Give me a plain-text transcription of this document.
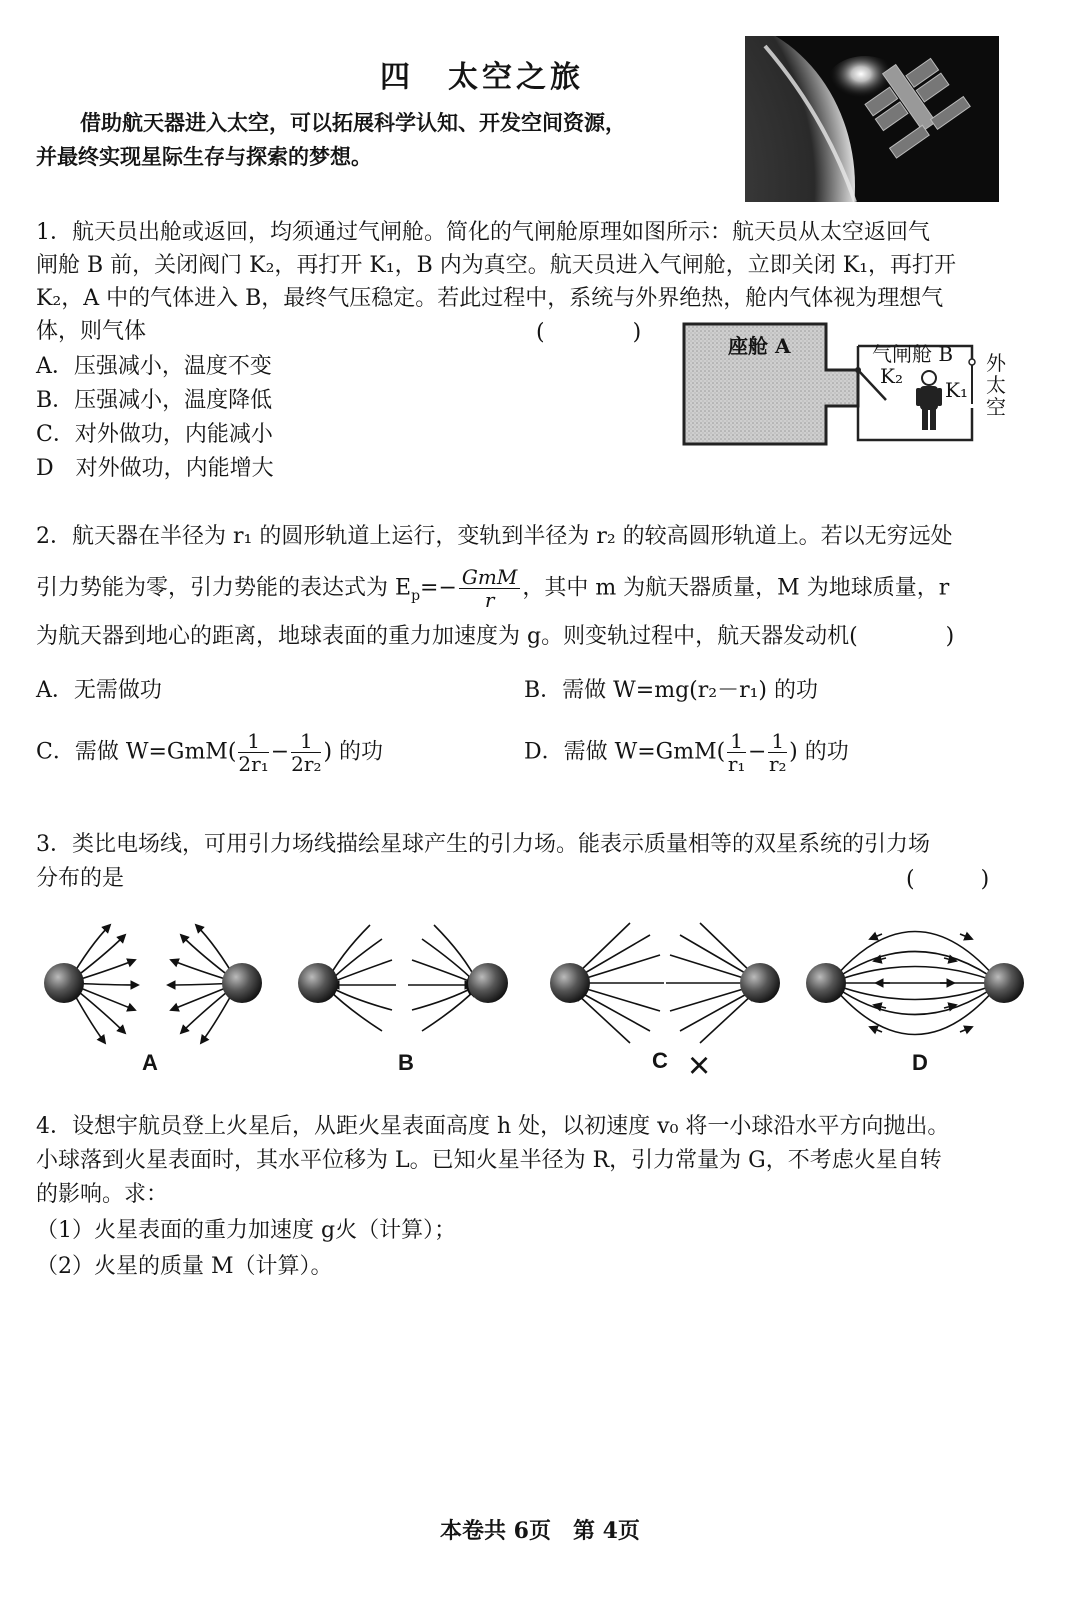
四　太空之旅
借助航天器进入太空，可以拓展科学认知、开发空间资源，
并最终实现星际生存与探索的梦想。
1．航天员出舱或返回，均须通过气闸舱。简化的气闸舱原理如图所示：航天员从太空返回气
闸舱 B 前，关闭阀门 K₂，再打开 K₁，B 内为真空。航天员进入气闸舱，立即关闭 K₁，再打开
K₂，A 中的气体进入 B，最终气压稳定。若此过程中，系统与外界绝热，舱内气体视为理想气
体，则气体	(　　　　)
A．压强减小，温度不变
B．压强减小，温度降低
C．对外做功，内能减小
D　对外做功，内能增大
座舱 A	气闸舱 B
K₂
K₁
外
太
空
2．航天器在半径为 r₁ 的圆形轨道上运行，变轨到半径为 r₂ 的较高圆形轨道上。若以无穷远处
引力势能为零，引力势能的表达式为 $E_p=- \frac{\text{GmM}}{r}$ ，其中 m 为航天器质量，M 为地球质量，r
为航天器到地心的距离，地球表面的重力加速度为 g。则变轨过程中，航天器发动机(　　　　)
A．无需做功	B．需做 W=mg(r₂－r₁) 的功
C．需做 $W=GmM( \frac{1}{\text{2r₁}} - \frac{1}{\text{2r₂}}$ ) 的功	D．需做 $W=GmM( \frac{1}{\text{r₁}} - \frac{1}{\text{r₂}}$ ) 的功
3．类比电场线，可用引力场线描绘星球产生的引力场。能表示质量相等的双星系统的引力场
分布的是	(　　　)
A	B	C ×	D
4．设想宇航员登上火星后，从距火星表面高度 h 处，以初速度 v₀ 将一小球沿水平方向抛出。
小球落到火星表面时，其水平位移为 L。已知火星半径为 R，引力常量为 G，不考虑火星自转
的影响。求：
（1）火星表面的重力加速度 g火（计算）；
（2）火星的质量 M（计算）。
本卷共 6页　第 4页
